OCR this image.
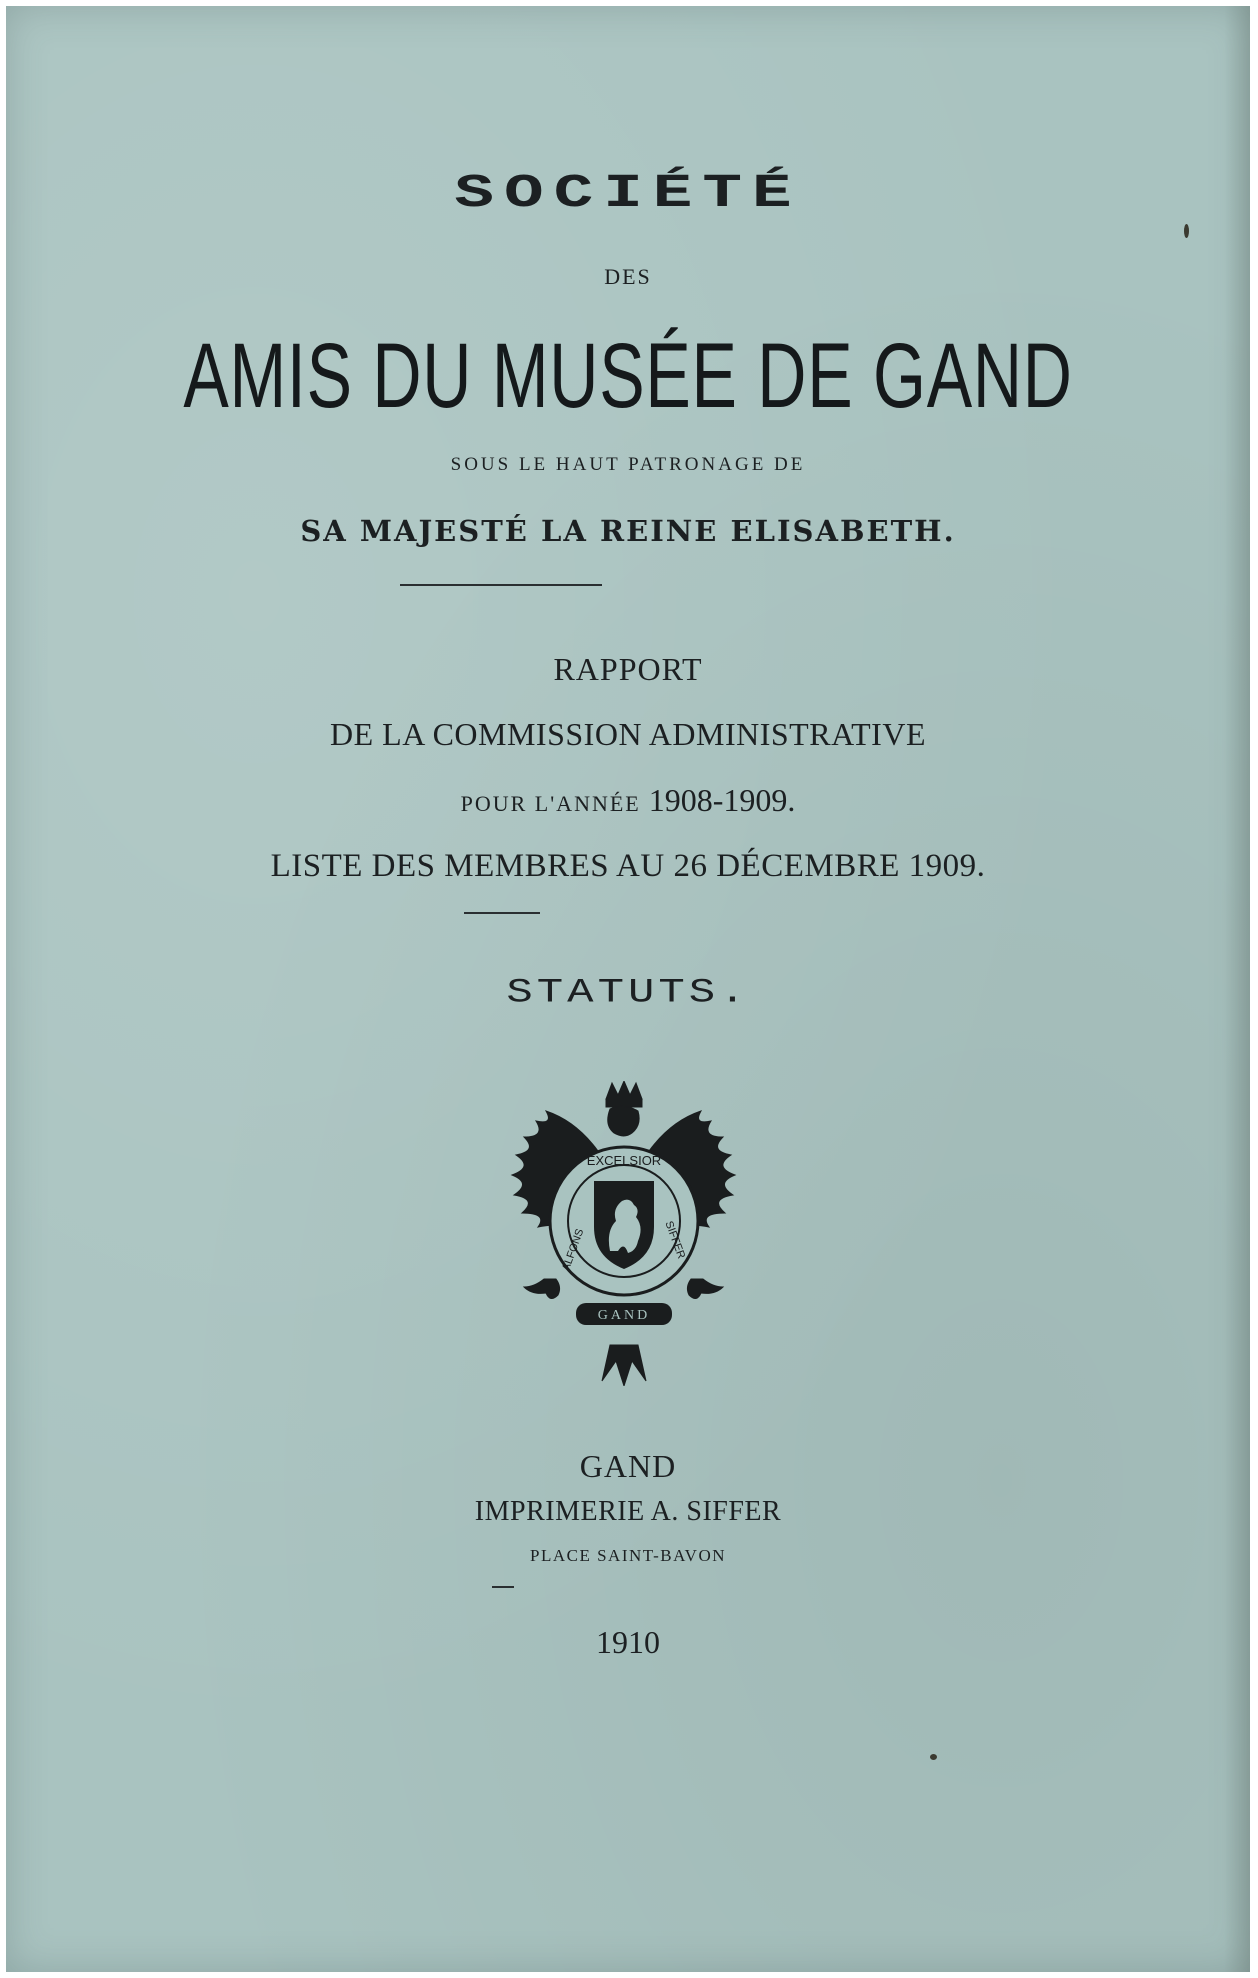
SOCIÉTÉ
DES
AMIS DU MUSÉE DE GAND
SOUS LE HAUT PATRONAGE DE
SA MAJESTÉ LA REINE ELISABETH.
RAPPORT
DE LA COMMISSION ADMINISTRATIVE
POUR L'ANNÉE 1908-1909.
LISTE DES MEMBRES AU 26 DÉCEMBRE 1909.
STATUTS.
EXCELSIOR
ALFONS	SIFFER
GAND
GAND
IMPRIMERIE A. SIFFER
PLACE SAINT-BAVON
1910
